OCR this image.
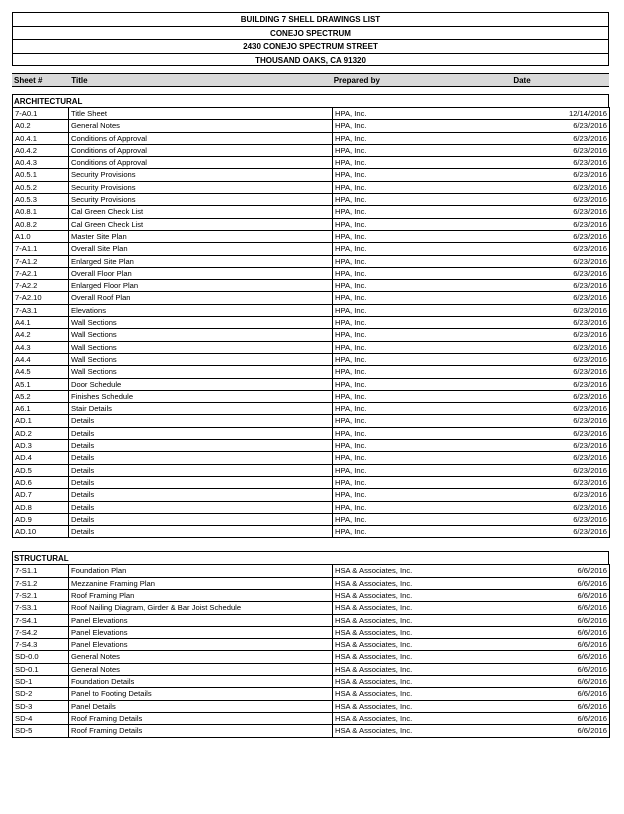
BUILDING 7 SHELL DRAWINGS LIST
CONEJO SPECTRUM
2430 CONEJO SPECTRUM STREET
THOUSAND OAKS, CA 91320
Sheet #	Title	Prepared by	Date
ARCHITECTURAL
7-A0.1	Title Sheet	HPA, Inc.	12/14/2016
A0.2	General Notes	HPA, Inc.	6/23/2016
A0.4.1	Conditions of Approval	HPA, Inc.	6/23/2016
A0.4.2	Conditions of Approval	HPA, Inc.	6/23/2016
A0.4.3	Conditions of Approval	HPA, Inc.	6/23/2016
A0.5.1	Security Provisions	HPA, Inc.	6/23/2016
A0.5.2	Security Provisions	HPA, Inc.	6/23/2016
A0.5.3	Security Provisions	HPA, Inc.	6/23/2016
A0.8.1	Cal Green Check List	HPA, Inc.	6/23/2016
A0.8.2	Cal Green Check List	HPA, Inc.	6/23/2016
A1.0	Master Site Plan	HPA, Inc.	6/23/2016
7-A1.1	Overall Site Plan	HPA, Inc.	6/23/2016
7-A1.2	Enlarged Site Plan	HPA, Inc.	6/23/2016
7-A2.1	Overall Floor Plan	HPA, Inc.	6/23/2016
7-A2.2	Enlarged Floor Plan	HPA, Inc.	6/23/2016
7-A2.10	Overall Roof Plan	HPA, Inc.	6/23/2016
7-A3.1	Elevations	HPA, Inc.	6/23/2016
A4.1	Wall Sections	HPA, Inc.	6/23/2016
A4.2	Wall Sections	HPA, Inc.	6/23/2016
A4.3	Wall Sections	HPA, Inc.	6/23/2016
A4.4	Wall Sections	HPA, Inc.	6/23/2016
A4.5	Wall Sections	HPA, Inc.	6/23/2016
A5.1	Door Schedule	HPA, Inc.	6/23/2016
A5.2	Finishes Schedule	HPA, Inc.	6/23/2016
A6.1	Stair Details	HPA, Inc.	6/23/2016
AD.1	Details	HPA, Inc.	6/23/2016
AD.2	Details	HPA, Inc.	6/23/2016
AD.3	Details	HPA, Inc.	6/23/2016
AD.4	Details	HPA, Inc.	6/23/2016
AD.5	Details	HPA, Inc.	6/23/2016
AD.6	Details	HPA, Inc.	6/23/2016
AD.7	Details	HPA, Inc.	6/23/2016
AD.8	Details	HPA, Inc.	6/23/2016
AD.9	Details	HPA, Inc.	6/23/2016
AD.10	Details	HPA, Inc.	6/23/2016
STRUCTURAL
7-S1.1	Foundation Plan	HSA & Associates, Inc.	6/6/2016
7-S1.2	Mezzanine Framing Plan	HSA & Associates, Inc.	6/6/2016
7-S2.1	Roof Framing Plan	HSA & Associates, Inc.	6/6/2016
7-S3.1	Roof Nailing Diagram, Girder & Bar Joist Schedule	HSA & Associates, Inc.	6/6/2016
7-S4.1	Panel Elevations	HSA & Associates, Inc.	6/6/2016
7-S4.2	Panel Elevations	HSA & Associates, Inc.	6/6/2016
7-S4.3	Panel Elevations	HSA & Associates, Inc.	6/6/2016
SD-0.0	General Notes	HSA & Associates, Inc.	6/6/2016
SD-0.1	General Notes	HSA & Associates, Inc.	6/6/2016
SD-1	Foundation Details	HSA & Associates, Inc.	6/6/2016
SD-2	Panel to Footing Details	HSA & Associates, Inc.	6/6/2016
SD-3	Panel Details	HSA & Associates, Inc.	6/6/2016
SD-4	Roof Framing Details	HSA & Associates, Inc.	6/6/2016
SD-5	Roof Framing Details	HSA & Associates, Inc.	6/6/2016
